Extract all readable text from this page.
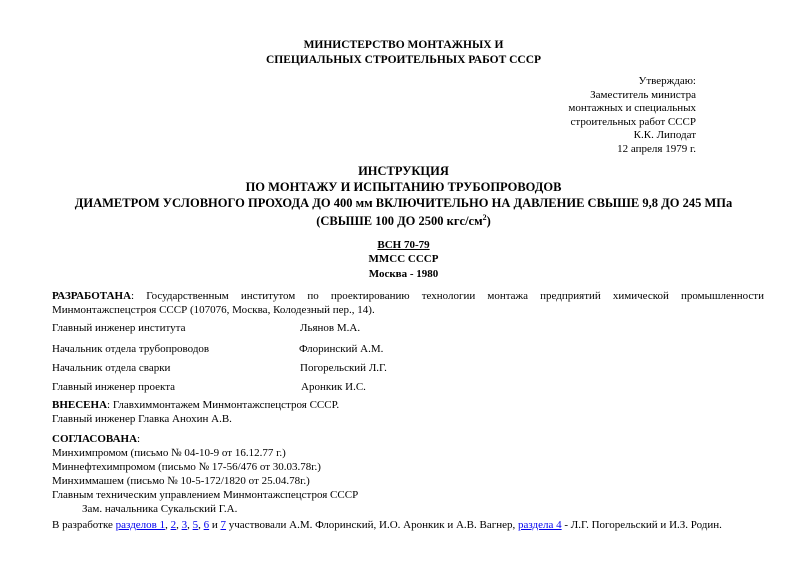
МИНИСТЕРСТВО МОНТАЖНЫХ И
СПЕЦИАЛЬНЫХ СТРОИТЕЛЬНЫХ РАБОТ СССР
Утверждаю:
Заместитель министра
монтажных и специальных
строительных работ СССР
К.К. Липодат
12 апреля 1979 г.
ИНСТРУКЦИЯ
ПО МОНТАЖУ И ИСПЫТАНИЮ ТРУБОПРОВОДОВ
ДИАМЕТРОМ УСЛОВНОГО ПРОХОДА ДО 400 мм ВКЛЮЧИТЕЛЬНО НА ДАВЛЕНИЕ СВЫШЕ 9,8 ДО 245 МПа
(СВЫШЕ 100 ДО 2500 кгс/$см^2$)
ВСН 70-79
ММСС СССР
Москва - 1980
РАЗРАБОТАНА: Государственным институтом по проектированию технологии монтажа предприятий химической промышленности Минмонтажспецстроя СССР (107076, Москва, Колодезный пер., 14).
Главный инженер института	Льянов М.А.
Начальник отдела трубопроводов	Флоринский А.М.
Начальник отдела сварки	Погорельский Л.Г.
Главный инженер проекта	Аронкик И.С.
ВНЕСЕНА: Главхиммонтажем Минмонтажспецстроя СССР.
Главный инженер Главка Анохин А.В.
СОГЛАСОВАНА:
Минхимпромом (письмо № 04-10-9 от 16.12.77 г.)
Миннефтехимпромом (письмо № 17-56/476 от 30.03.78г.)
Минхиммашем (письмо № 10-5-172/1820 от 25.04.78г.)
Главным техническим управлением Минмонтажспецстроя СССР
Зам. начальника Сукальский Г.А.
В разработке разделов 1, 2, 3, 5, 6 и 7 участвовали А.М. Флоринский, И.О. Аронкик и А.В. Вагнер, раздела 4 - Л.Г. Погорельский и И.З. Родин.
